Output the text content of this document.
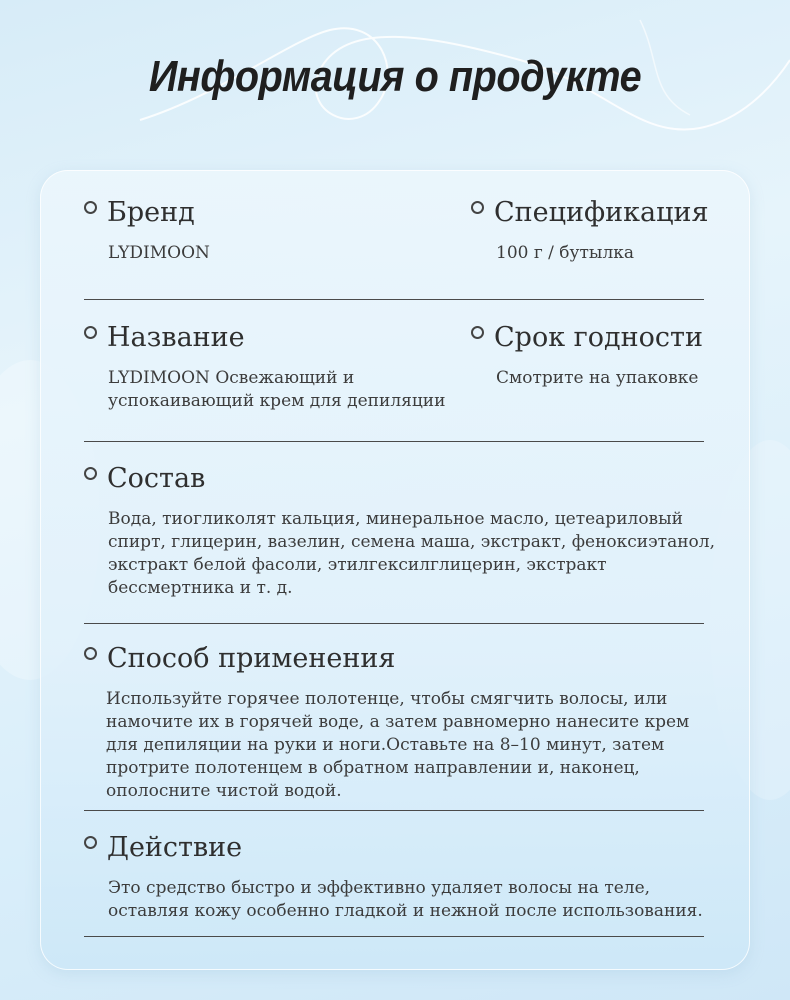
Информация о продукте
Бренд
LYDIMOON
Спецификация
100 г / бутылка
Название
LYDIMOON Освежающий и успокаивающий крем для депиляции
Срок годности
Смотрите на упаковке
Состав
Вода, тиогликолят кальция, минеральное масло, цетеариловый спирт, глицерин, вазелин, семена маша, экстракт, феноксиэтанол, экстракт белой фасоли, этилгексилглицерин, экстракт бессмертника и т. д.
Способ применения
Используйте горячее полотенце, чтобы смягчить волосы, или намочите их в горячей воде, а затем равномерно нанесите крем для депиляции на руки и ноги.Оставьте на 8–10 минут, затем протрите полотенцем в обратном направлении и, наконец, ополосните чистой водой.
Действие
Это средство быстро и эффективно удаляет волосы на теле, оставляя кожу особенно гладкой и нежной после использования.
